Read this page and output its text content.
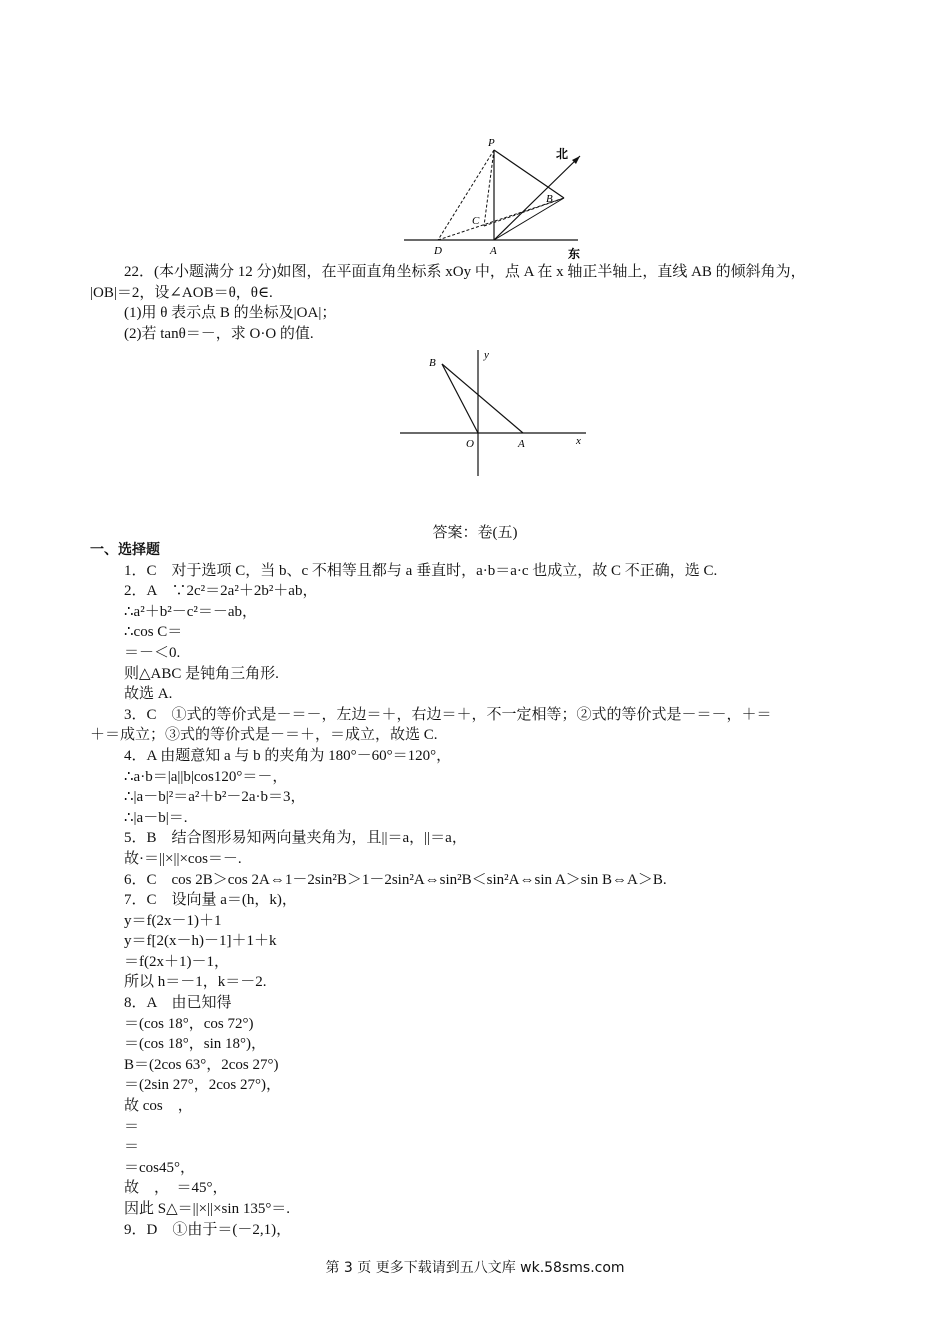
P
北
B
C
D	A	东
22．(本小题满分 12 分)如图，在平面直角坐标系 xOy 中，点 A 在 x 轴正半轴上，直线 AB 的倾斜角为，
|OB|＝2，设∠AOB＝θ，θ∈.
(1)用 θ 表示点 B 的坐标及|OA|；
(2)若 tanθ＝－，求 O·O 的值.
B
y
O	A	x
答案：卷(五)
一、选择题
1．C　对于选项 C，当 b、c 不相等且都与 a 垂直时，a·b＝a·c 也成立，故 C 不正确，选 C.
2．A　∵2c²＝2a²＋2b²＋ab，
∴a²＋b²－c²＝－ab，
∴cos C＝
＝－＜0.
则△ABC 是钝角三角形.
故选 A.
3．C　①式的等价式是－＝－，左边＝＋，右边＝＋，不一定相等；②式的等价式是－＝－，＋＝
＋＝成立；③式的等价式是－＝＋，＝成立，故选 C.
4．A 由题意知 a 与 b 的夹角为 180°－60°＝120°，
∴a·b＝|a||b|cos120°＝－，
∴|a－b|²＝a²＋b²－2a·b＝3，
∴|a－b|＝.
5．B　结合图形易知两向量夹角为，且||＝a，||＝a，
故·＝||×||×cos＝－.
6．C　cos 2B＞cos 2A⇔1－2sin²B＞1－2sin²A⇔sin²B＜sin²A⇔sin A＞sin B⇔A＞B.
7．C　设向量 a＝(h，k)，
y＝f(2x－1)＋1
y＝f[2(x－h)－1]＋1＋k
＝f(2x＋1)－1，
所以 h＝－1，k＝－2.
8．A　由已知得
＝(cos 18°，cos 72°)
＝(cos 18°，sin 18°)，
B＝(2cos 63°，2cos 27°)
＝(2sin 27°，2cos 27°)，
故 cos　，
＝
＝
＝cos45°，
故　，　＝45°，
因此 S△＝||×||×sin 135°＝.
9．D　①由于＝(－2,1)，
第 3 页 更多下载请到五八文库 wk.58sms.com
